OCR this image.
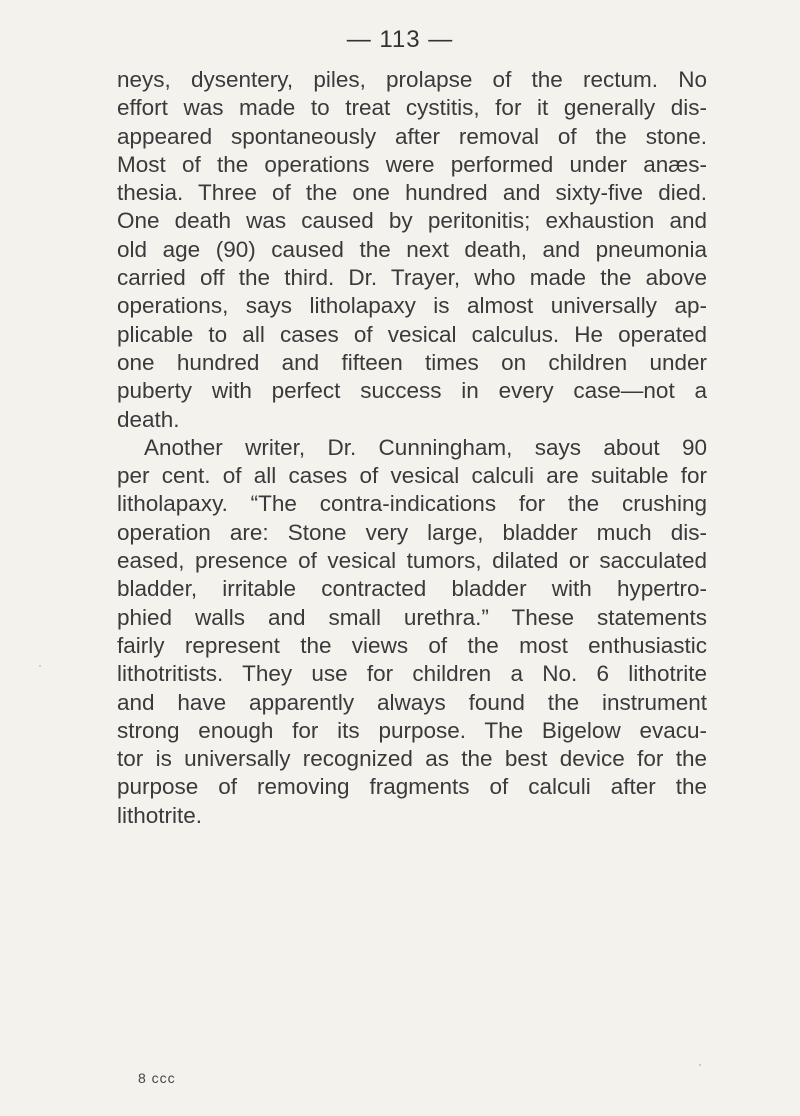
— 113 —
neys, dysentery, piles, prolapse of the rectum. No
effort was made to treat cystitis, for it generally dis-
appeared spontaneously after removal of the stone.
Most of the operations were performed under anæs-
thesia. Three of the one hundred and sixty-five died.
One death was caused by peritonitis; exhaustion and
old age (90) caused the next death, and pneumonia
carried off the third. Dr. Trayer, who made the above
operations, says litholapaxy is almost universally ap-
plicable to all cases of vesical calculus. He operated
one hundred and fifteen times on children under
puberty with perfect success in every case—not a
death.
Another writer, Dr. Cunningham, says about 90
per cent. of all cases of vesical calculi are suitable for
litholapaxy. “The contra-indications for the crushing
operation are: Stone very large, bladder much dis-
eased, presence of vesical tumors, dilated or sacculated
bladder, irritable contracted bladder with hypertro-
phied walls and small urethra.” These statements
fairly represent the views of the most enthusiastic
lithotritists. They use for children a No. 6 lithotrite
and have apparently always found the instrument
strong enough for its purpose. The Bigelow evacu-
tor is universally recognized as the best device for the
purpose of removing fragments of calculi after the
lithotrite.
8 ccc
·
ˊ
